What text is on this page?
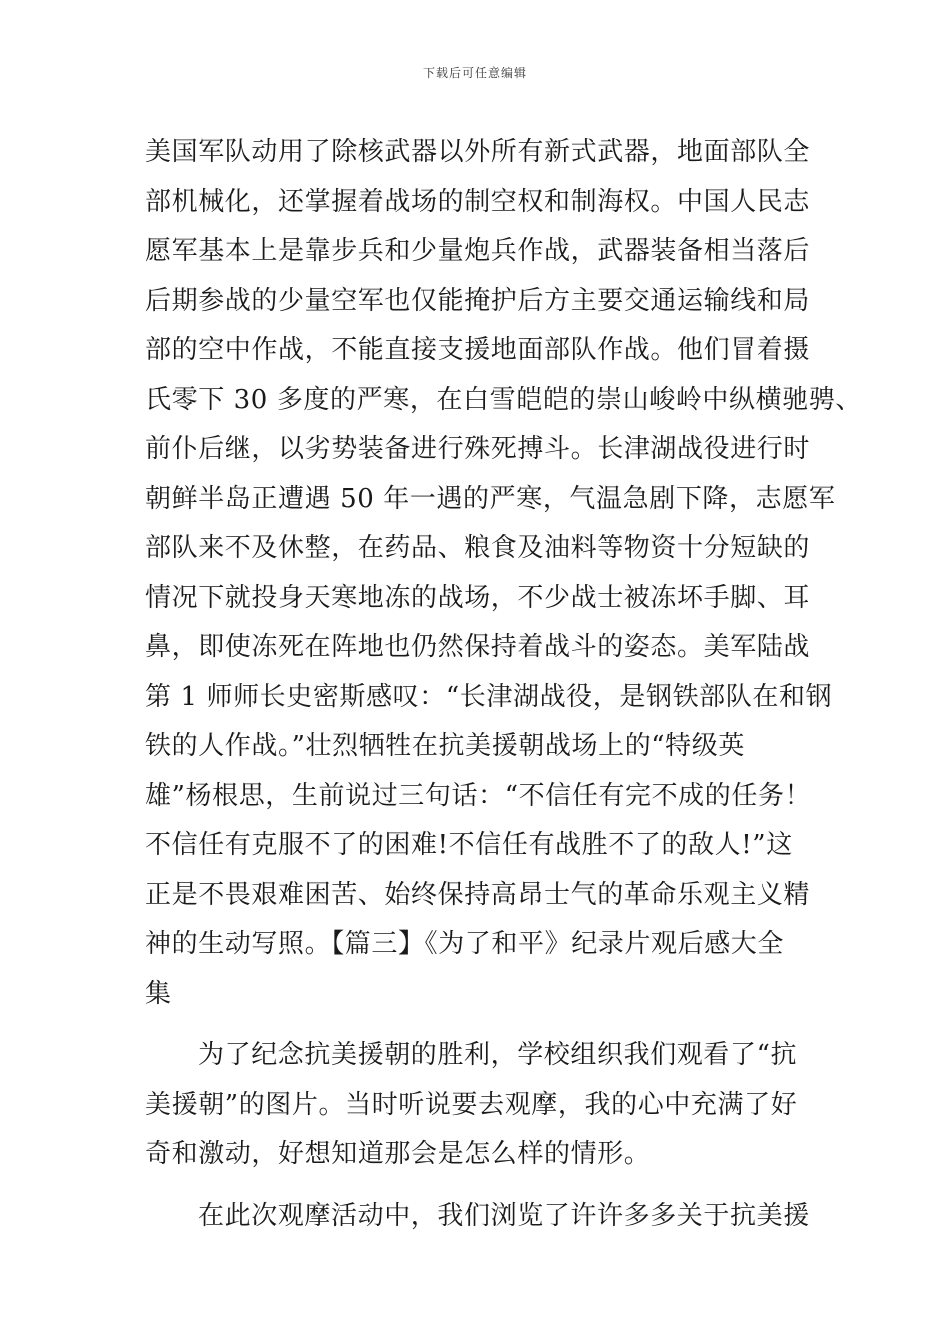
下载后可任意编辑
美国军队动用了除核武器以外所有新式武器，地面部队全
部机械化，还掌握着战场的制空权和制海权。中国人民志
愿军基本上是靠步兵和少量炮兵作战，武器装备相当落后
后期参战的少量空军也仅能掩护后方主要交通运输线和局
部的空中作战，不能直接支援地面部队作战。他们冒着摄
氏零下 30 多度的严寒，在白雪皑皑的崇山峻岭中纵横驰骋、
前仆后继，以劣势装备进行殊死搏斗。长津湖战役进行时
朝鲜半岛正遭遇 50 年一遇的严寒，气温急剧下降，志愿军
部队来不及休整，在药品、粮食及油料等物资十分短缺的
情况下就投身天寒地冻的战场，不少战士被冻坏手脚、耳
鼻，即使冻死在阵地也仍然保持着战斗的姿态。美军陆战
第 1 师师长史密斯感叹：“长津湖战役，是钢铁部队在和钢
铁的人作战。”壮烈牺牲在抗美援朝战场上的“特级英
雄”杨根思，生前说过三句话：“不信任有完不成的任务！
不信任有克服不了的困难!不信任有战胜不了的敌人!”这
正是不畏艰难困苦、始终保持高昂士气的革命乐观主义精
神的生动写照。【篇三】《为了和平》纪录片观后感大全
集
为了纪念抗美援朝的胜利，学校组织我们观看了“抗
美援朝”的图片。当时听说要去观摩，我的心中充满了好
奇和激动，好想知道那会是怎么样的情形。
在此次观摩活动中，我们浏览了许许多多关于抗美援
